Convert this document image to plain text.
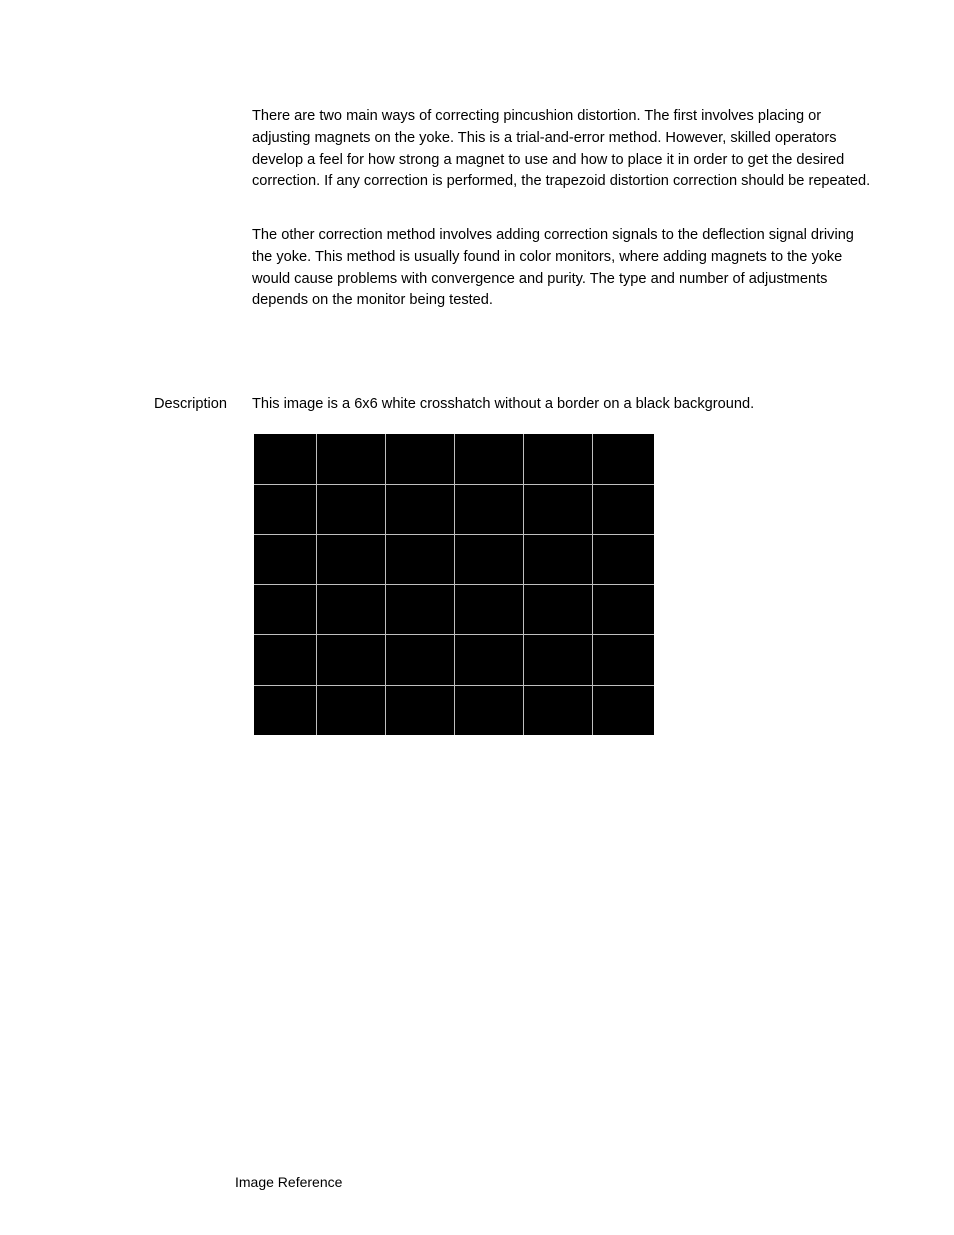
There are two main ways of correcting pincushion distortion. The first involves placing or adjusting magnets on the yoke. This is a trial-and-error method. However, skilled operators develop a feel for how strong a magnet to use and how to place it in order to get the desired correction. If any correction is performed, the trapezoid distortion correction should be repeated.

The other correction method involves adding correction signals to the deflection signal driving the yoke. This method is usually found in color monitors, where adding magnets to the yoke would cause problems with convergence and purity. The type and number of adjustments depends on the monitor being tested.

Description This image is a 6x6 white crosshatch without a border on a black background.
Image Reference
